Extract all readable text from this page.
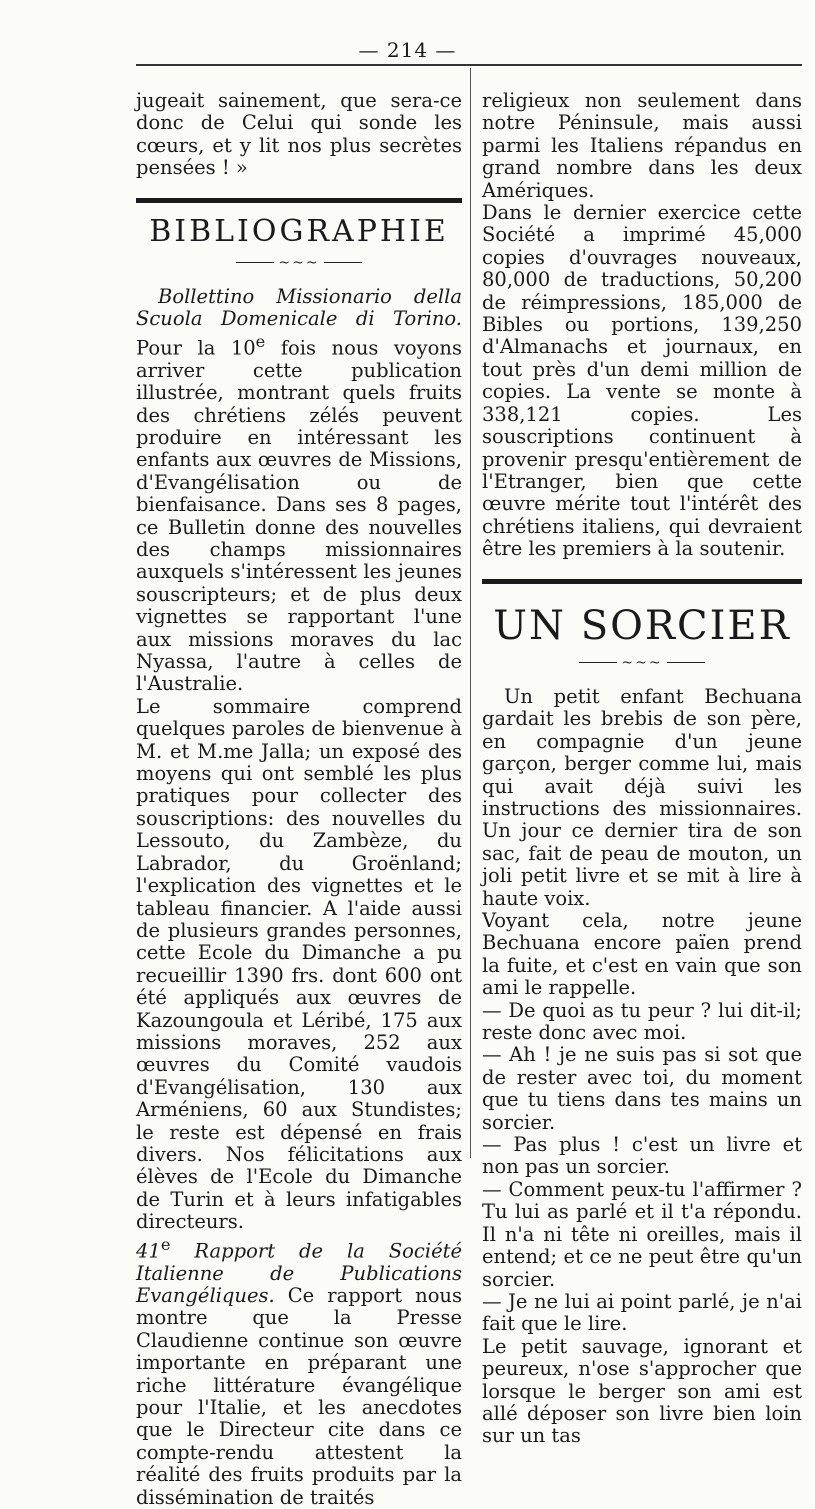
— 214 —

jugeait sainement, que sera-ce donc de Celui qui sonde les cœurs, et y lit nos plus secrètes pensées ! »

BIBLIOGRAPHIE
~~~

Bollettino Missionario della Scuola Domenicale di Torino. Pour la 10e fois nous voyons arriver cette publication illustrée, montrant quels fruits des chrétiens zélés peuvent produire en intéressant les enfants aux œuvres de Missions, d'Evangélisation ou de bienfaisance. Dans ses 8 pages, ce Bulletin donne des nouvelles des champs missionnaires auxquels s'intéressent les jeunes souscripteurs; et de plus deux vignettes se rapportant l'une aux missions moraves du lac Nyassa, l'autre à celles de l'Australie.

Le sommaire comprend quelques paroles de bienvenue à M. et M.me Jalla; un exposé des moyens qui ont semblé les plus pratiques pour collecter des souscriptions: des nouvelles du Lessouto, du Zambèze, du Labrador, du Groënland; l'explication des vignettes et le tableau financier. A l'aide aussi de plusieurs grandes personnes, cette Ecole du Dimanche a pu recueillir 1390 frs. dont 600 ont été appliqués aux œuvres de Kazoungoula et Léribé, 175 aux missions moraves, 252 aux œuvres du Comité vaudois d'Evangélisation, 130 aux Arméniens, 60 aux Stundistes; le reste est dépensé en frais divers. Nos félicitations aux élèves de l'Ecole du Dimanche de Turin et à leurs infatigables directeurs.

41e Rapport de la Société Italienne de Publications Evangéliques. Ce rapport nous montre que la Presse Claudienne continue son œuvre importante en préparant une riche littérature évangélique pour l'Italie, et les anecdotes que le Directeur cite dans ce compte-rendu attestent la réalité des fruits produits par la dissémination de traités

religieux non seulement dans notre Péninsule, mais aussi parmi les Italiens répandus en grand nombre dans les deux Amériques.

Dans le dernier exercice cette Société a imprimé 45,000 copies d'ouvrages nouveaux, 80,000 de traductions, 50,200 de réimpressions, 185,000 de Bibles ou portions, 139,250 d'Almanachs et journaux, en tout près d'un demi million de copies. La vente se monte à 338,121 copies. Les souscriptions continuent à provenir presqu'entièrement de l'Etranger, bien que cette œuvre mérite tout l'intérêt des chrétiens italiens, qui devraient être les premiers à la soutenir.

UN SORCIER
~~~

Un petit enfant Bechuana gardait les brebis de son père, en compagnie d'un jeune garçon, berger comme lui, mais qui avait déjà suivi les instructions des missionnaires. Un jour ce dernier tira de son sac, fait de peau de mouton, un joli petit livre et se mit à lire à haute voix.

Voyant cela, notre jeune Bechuana encore païen prend la fuite, et c'est en vain que son ami le rappelle.

— De quoi as tu peur ? lui dit-il; reste donc avec moi.

— Ah ! je ne suis pas si sot que de rester avec toi, du moment que tu tiens dans tes mains un sorcier.

— Pas plus ! c'est un livre et non pas un sorcier.

— Comment peux-tu l'affirmer ? Tu lui as parlé et il t'a répondu. Il n'a ni tête ni oreilles, mais il entend; et ce ne peut être qu'un sorcier.

— Je ne lui ai point parlé, je n'ai fait que le lire.

Le petit sauvage, ignorant et peureux, n'ose s'approcher que lorsque le berger son ami est allé déposer son livre bien loin sur un tas
